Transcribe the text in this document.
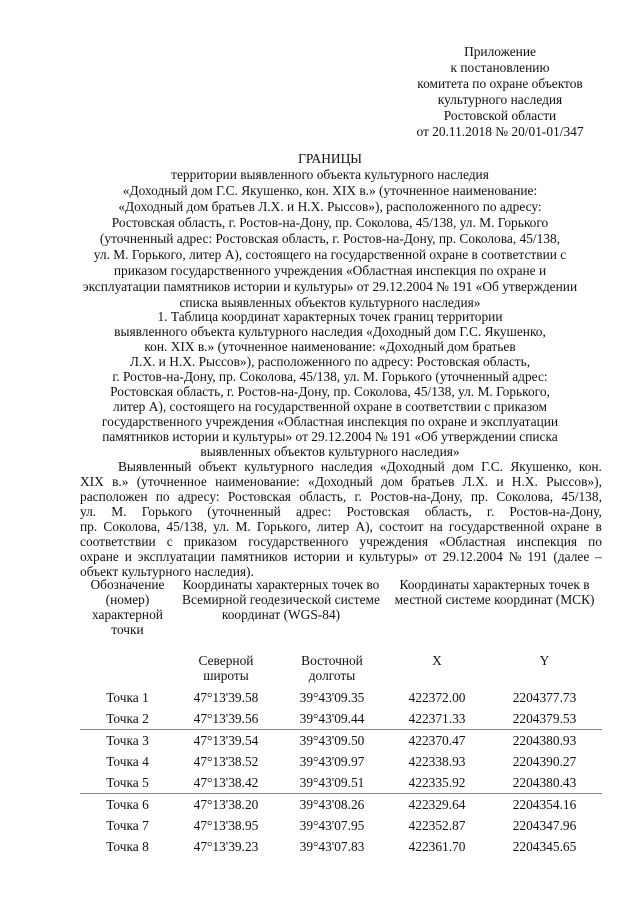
Приложение
к постановлению
комитета по охране объектов
культурного наследия
Ростовской области
от 20.11.2018 № 20/01-01/347
ГРАНИЦЫ
территории выявленного объекта культурного наследия
«Доходный дом Г.С. Якушенко, кон. XIX в.» (уточненное наименование:
«Доходный дом братьев Л.Х. и Н.Х. Рыссов»), расположенного по адресу:
Ростовская область, г. Ростов-на-Дону, пр. Соколова, 45/138, ул. М. Горького
(уточненный адрес: Ростовская область, г. Ростов-на-Дону, пр. Соколова, 45/138,
ул. М. Горького, литер А), состоящего на государственной охране в соответствии с
приказом государственного учреждения «Областная инспекция по охране и
эксплуатации памятников истории и культуры» от 29.12.2004 № 191 «Об утверждении
списка выявленных объектов культурного наследия»
1. Таблица координат характерных точек границ территории
выявленного объекта культурного наследия «Доходный дом Г.С. Якушенко,
кон. XIX в.» (уточненное наименование: «Доходный дом братьев
Л.Х. и Н.Х. Рыссов»), расположенного по адресу: Ростовская область,
г. Ростов-на-Дону, пр. Соколова, 45/138, ул. М. Горького (уточненный адрес:
Ростовская область, г. Ростов-на-Дону, пр. Соколова, 45/138, ул. М. Горького,
литер А), состоящего на государственной охране в соответствии с приказом
государственного учреждения «Областная инспекция по охране и эксплуатации
памятников истории и культуры» от 29.12.2004 № 191 «Об утверждении списка
выявленных объектов культурного наследия»
Выявленный объект культурного наследия «Доходный дом Г.С. Якушенко, кон.
XIX в.» (уточненное наименование: «Доходный дом братьев Л.Х. и Н.Х. Рыссов»),
расположен по адресу: Ростовская область, г. Ростов-на-Дону, пр. Соколова, 45/138,
ул. М. Горького (уточненный адрес: Ростовская область, г. Ростов-на-Дону,
пр. Соколова, 45/138, ул. М. Горького, литер А), состоит на государственной охране в
соответствии с приказом государственного учреждения «Областная инспекция по
охране и эксплуатации памятников истории и культуры» от 29.12.2004 № 191 (далее –
объект культурного наследия).
Обозначение (номер) характерной точки	Координаты характерных точек во Всемирной геодезической системе координат (WGS-84)		Координаты характерных точек в местной системе координат (МСК)	
	Северной широты	Восточной долготы	X	Y
Точка 1	47°13'39.58	39°43'09.35	422372.00	2204377.73
Точка 2	47°13'39.56	39°43'09.44	422371.33	2204379.53
Точка 3	47°13'39.54	39°43'09.50	422370.47	2204380.93
Точка 4	47°13'38.52	39°43'09.97	422338.93	2204390.27
Точка 5	47°13'38.42	39°43'09.51	422335.92	2204380.43
Точка 6	47°13'38.20	39°43'08.26	422329.64	2204354.16
Точка 7	47°13'38.95	39°43'07.95	422352.87	2204347.96
Точка 8	47°13'39.23	39°43'07.83	422361.70	2204345.65
